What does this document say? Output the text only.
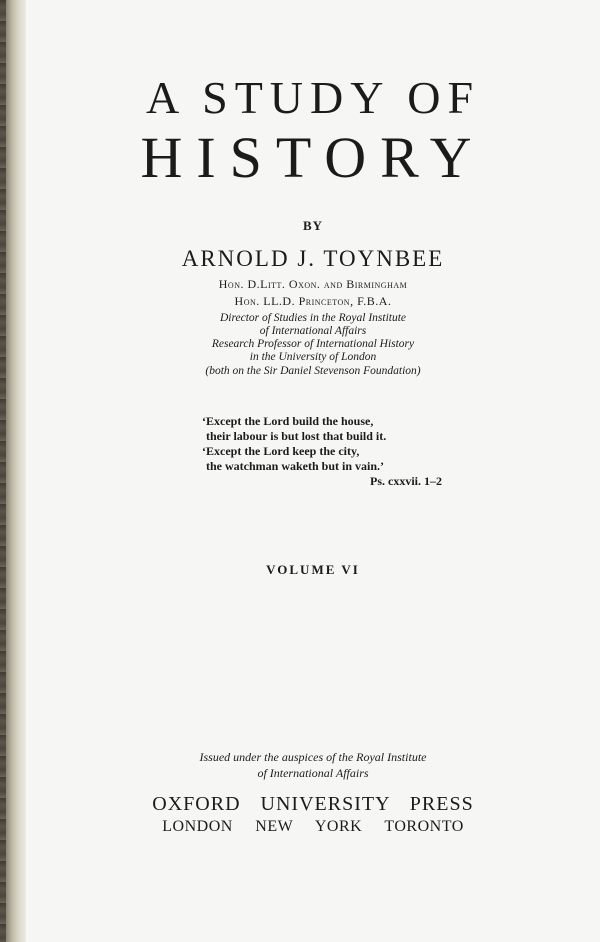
A STUDY OF
HISTORY
BY
ARNOLD J. TOYNBEE
Hon. D.Litt. Oxon. and Birmingham
Hon. LL.D. Princeton, F.B.A.
Director of Studies in the Royal Institute
of International Affairs
Research Professor of International History
in the University of London
(both on the Sir Daniel Stevenson Foundation)
‘Except the Lord build the house,
their labour is but lost that build it.
‘Except the Lord keep the city,
the watchman waketh but in vain.’
Ps. cxxvii. 1–2
VOLUME VI
Issued under the auspices of the Royal Institute
of International Affairs
OXFORD UNIVERSITY PRESS
LONDON NEW YORK TORONTO
